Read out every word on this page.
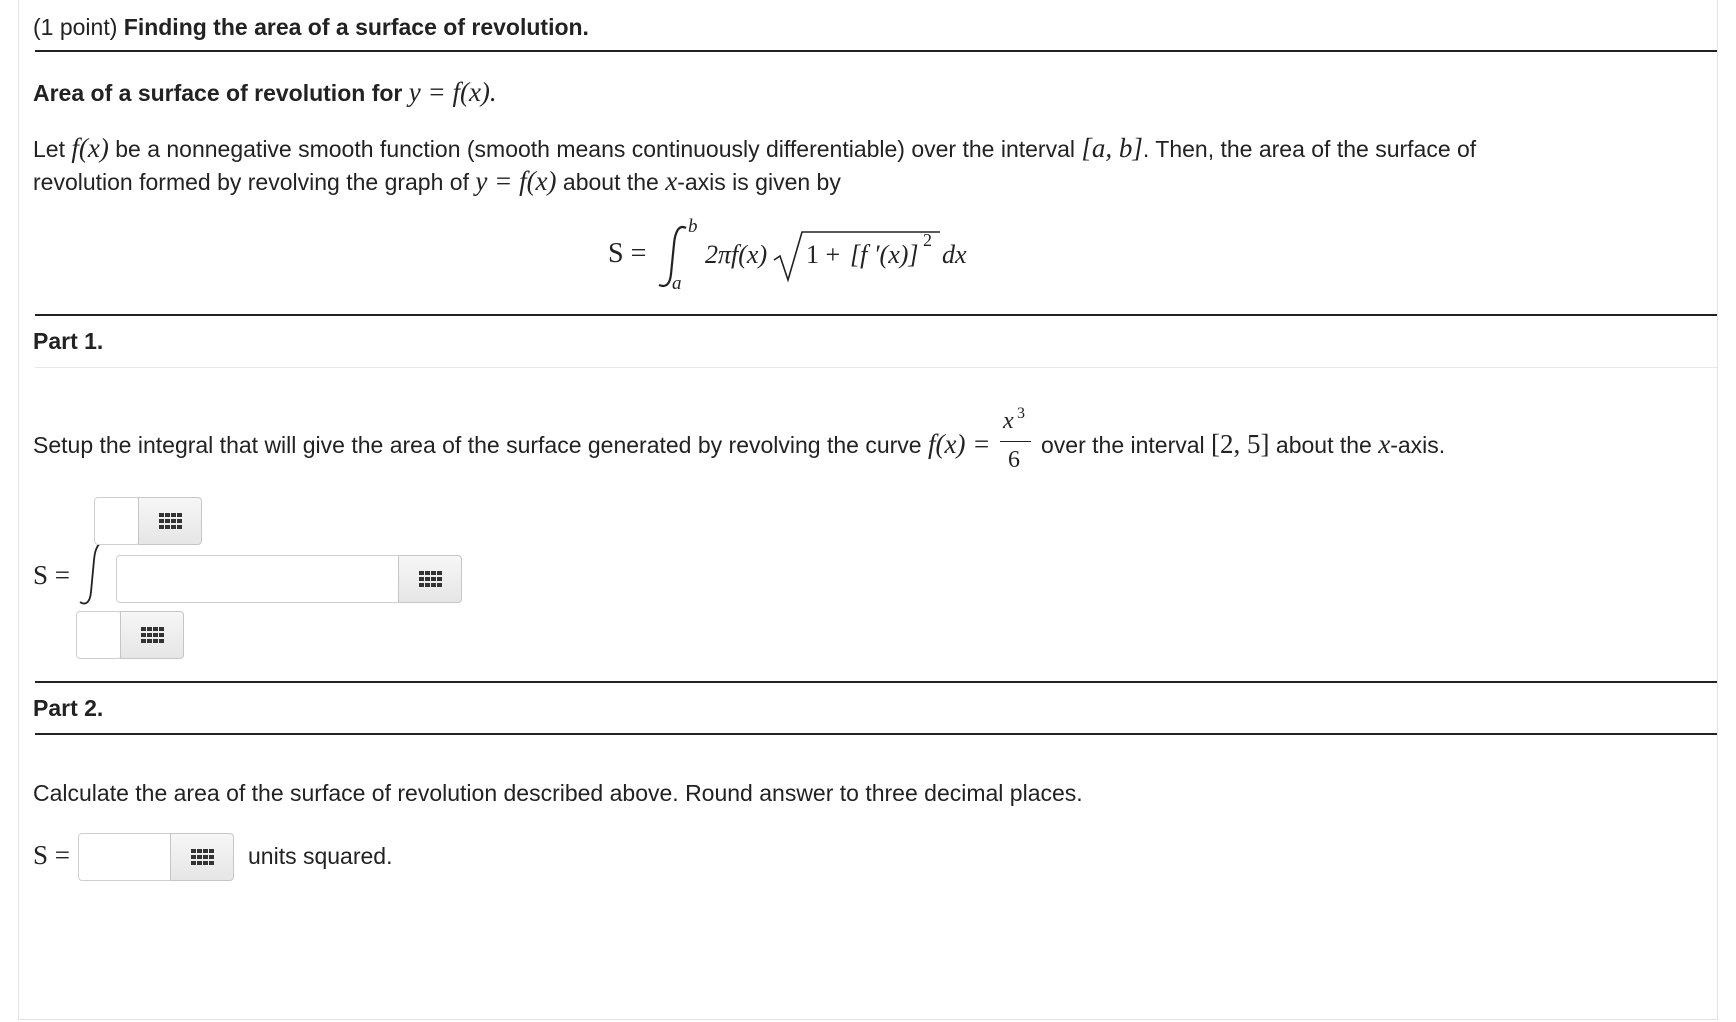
(1 point) Finding the area of a surface of revolution.
Area of a surface of revolution for y = f(x).
Let f(x) be a nonnegative smooth function (smooth means continuously differentiable) over the interval [a, b]. Then, the area of the surface of
revolution formed by revolving the graph of y = f(x) about the x-axis is given by
S =
b
a
2πf(x) 1 + [f ′(x)] 2 dx
Part 1.
Setup the integral that will give the area of the surface generated by revolving the curve f(x) =
x 3
6
over the interval [2, 5] about the x-axis.
S =
Part 2.
Calculate the area of the surface of revolution described above. Round answer to three decimal places.
S =	units squared.
